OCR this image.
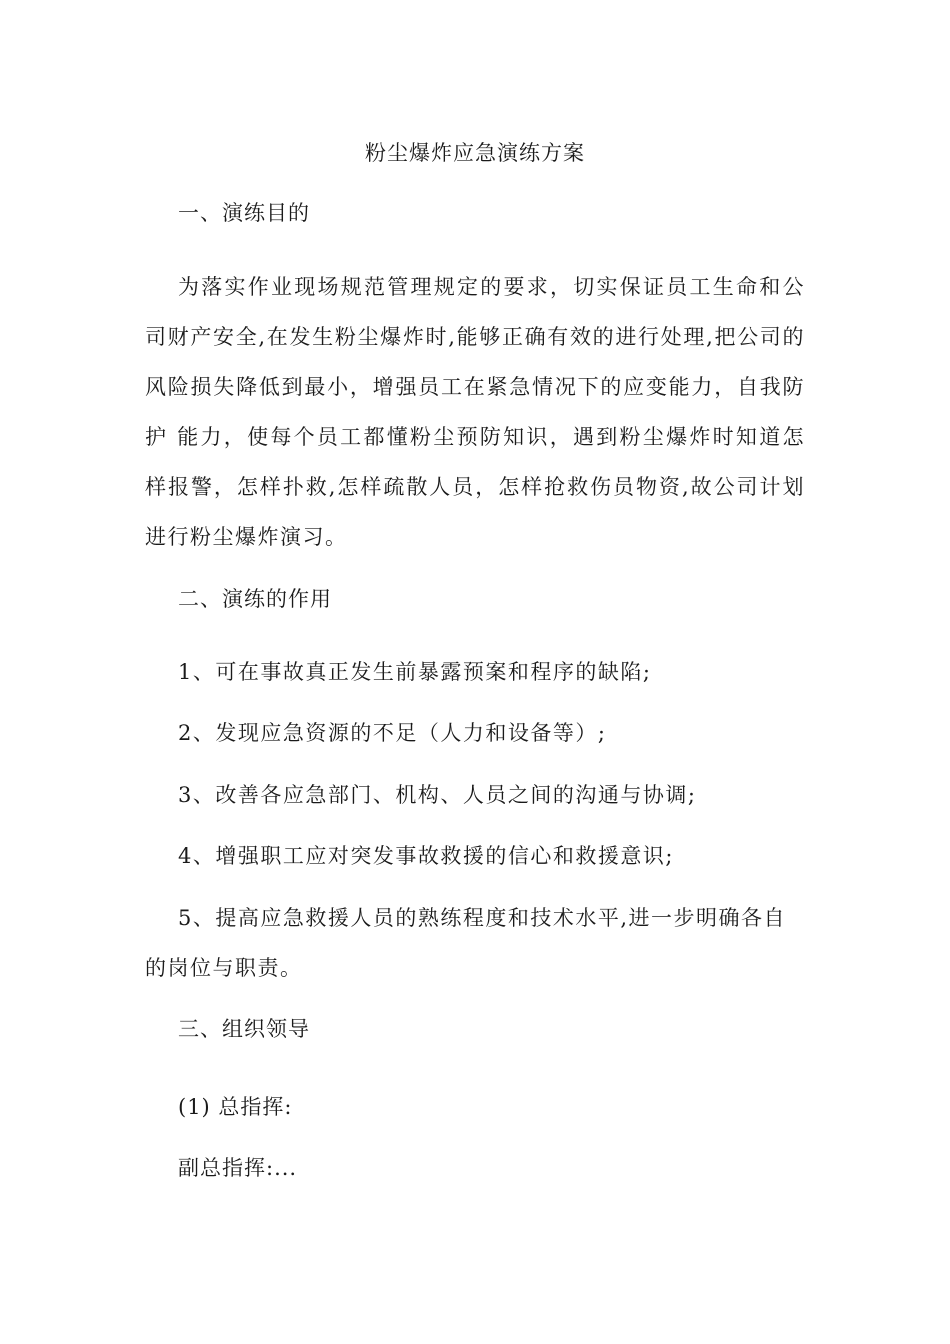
粉尘爆炸应急演练方案
一、演练目的
为落实作业现场规范管理规定的要求，切实保证员工生命和公司财产安全,在发生粉尘爆炸时,能够正确有效的进行处理,把公司的风险损失降低到最小，增强员工在紧急情况下的应变能力，自我防护 能力，使每个员工都懂粉尘预防知识，遇到粉尘爆炸时知道怎样报警，怎样扑救,怎样疏散人员，怎样抢救伤员物资,故公司计划进行粉尘爆炸演习。
二、演练的作用
1、可在事故真正发生前暴露预案和程序的缺陷;
2、发现应急资源的不足（人力和设备等）;
3、改善各应急部门、机构、人员之间的沟通与协调;
4、增强职工应对突发事故救援的信心和救援意识;
5、提高应急救援人员的熟练程度和技术水平,进一步明确各自的岗位与职责。
三、组织领导
(1) 总指挥:
副总指挥:...
